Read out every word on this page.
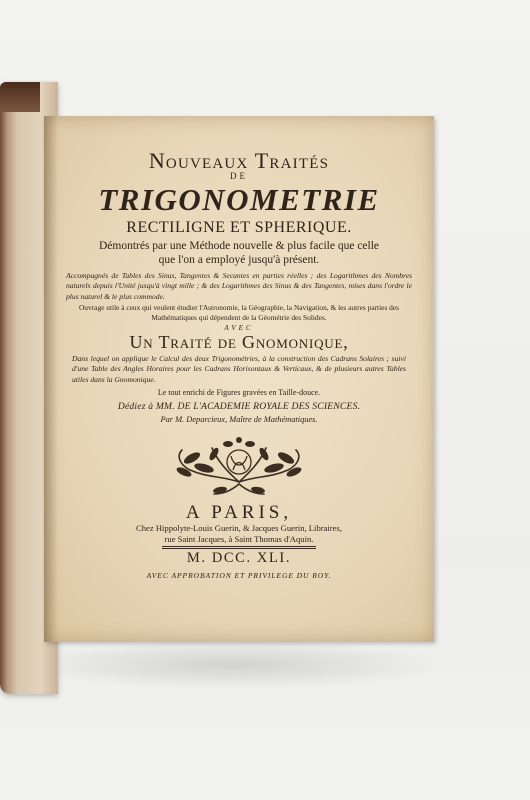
Nouveaux Traités
DE
TRIGONOMETRIE
RECTILIGNE ET SPHERIQUE.
Démontrés par une Méthode nouvelle & plus facile que celle
que l'on a employé jusqu'à présent.
Accompagnés de Tables des Sinus, Tangentes & Secantes en parties réelles ; des Logarithmes des Nombres naturels depuis l'Unité jusqu'à vingt mille ; & des Logarithmes des Sinus & des Tangentes, mises dans l'ordre le plus naturel & le plus commode.
Ouvrage utile à ceux qui veulent étudier l'Astronomie, la Géographie, la Navigation, & les autres parties des Mathématiques qui dépendent de la Géométrie des Solides.
AVEC
Un Traité de Gnomonique,
Dans lequel on applique le Calcul des deux Trigonométries, à la construction des Cadrans Solaires ; suivi d'une Table des Angles Horaires pour les Cadrans Horisontaux & Verticaux, & de plusieurs autres Tables utiles dans la Gnomonique.
Le tout enrichi de Figures gravées en Taille-douce.
Dédiez à MM. DE L'ACADEMIE ROYALE DES SCIENCES.
Par M. Deparcieux, Maître de Mathématiques.
A PARIS,
Chez Hippolyte-Louis Guerin, & Jacques Guerin, Libraires,
rue Saint Jacques, à Saint Thomas d'Aquin.
M. DCC. XLI.
AVEC APPROBATION ET PRIVILEGE DU ROY.
